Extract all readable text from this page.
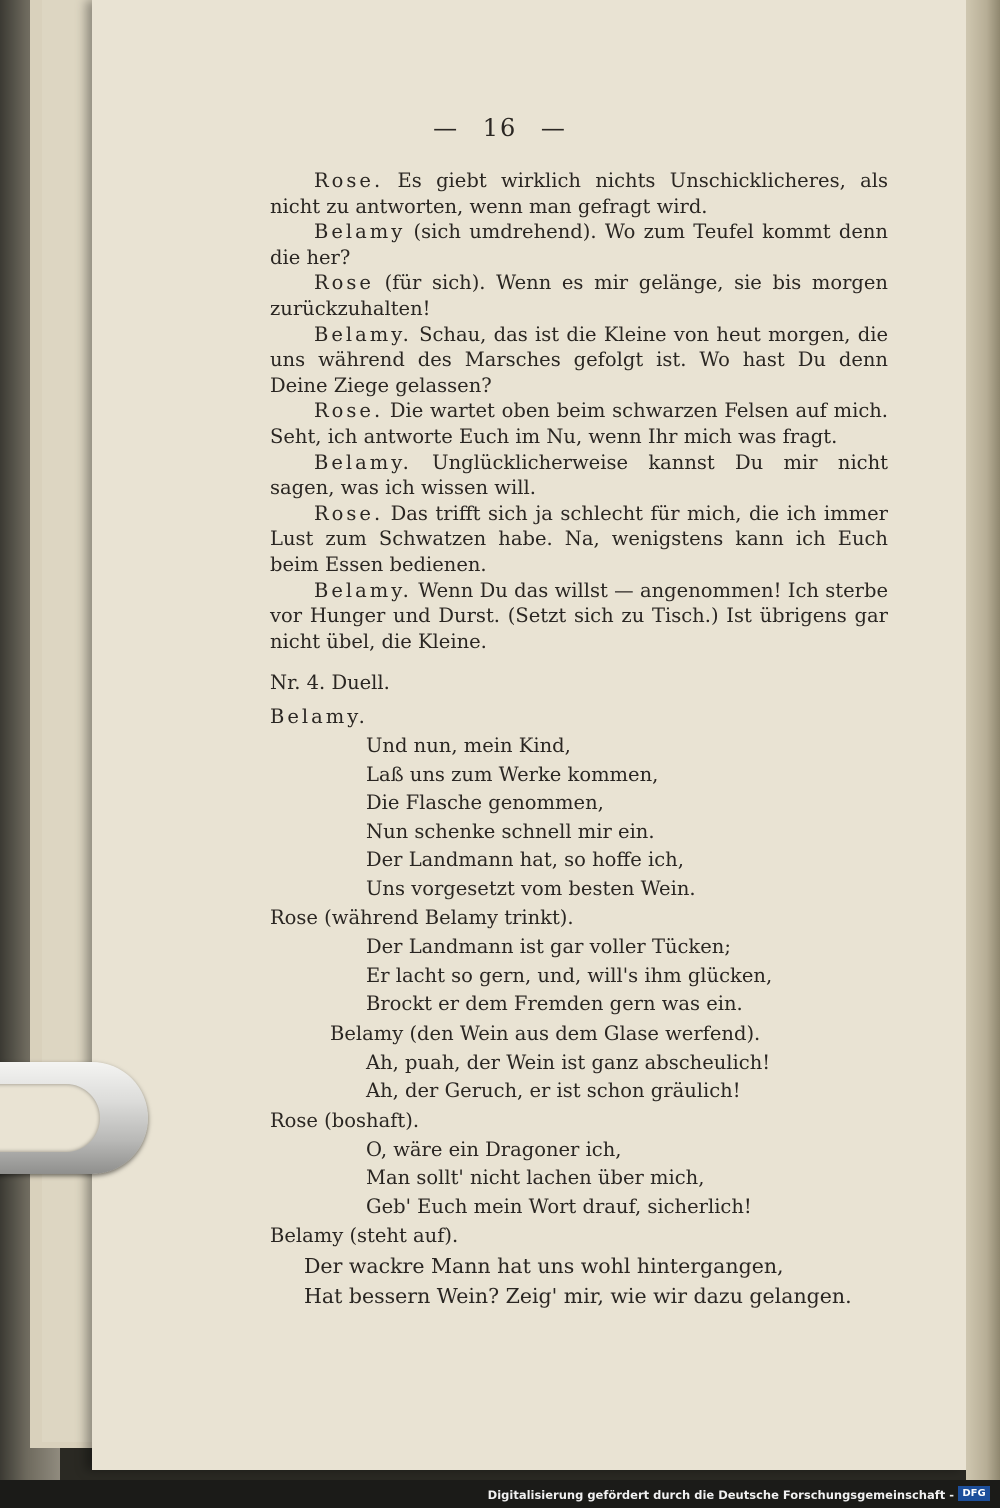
— 16 —

Rose. Es giebt wirklich nichts Unschicklicheres, als nicht zu antworten, wenn man gefragt wird.

Belamy (sich umdrehend). Wo zum Teufel kommt denn die her?

Rose (für sich). Wenn es mir gelänge, sie bis morgen zurückzuhalten!

Belamy. Schau, das ist die Kleine von heut morgen, die uns während des Marsches gefolgt ist. Wo hast Du denn Deine Ziege gelassen?

Rose. Die wartet oben beim schwarzen Felsen auf mich. Seht, ich antworte Euch im Nu, wenn Ihr mich was fragt.

Belamy. Unglücklicherweise kannst Du mir nicht sagen, was ich wissen will.

Rose. Das trifft sich ja schlecht für mich, die ich immer Lust zum Schwatzen habe. Na, wenigstens kann ich Euch beim Essen bedienen.

Belamy. Wenn Du das willst — angenommen! Ich sterbe vor Hunger und Durst. (Setzt sich zu Tisch.) Ist übrigens gar nicht übel, die Kleine.

Nr. 4. Duell.

Belamy.

Und nun, mein Kind,

Laß uns zum Werke kommen,

Die Flasche genommen,

Nun schenke schnell mir ein.

Der Landmann hat, so hoffe ich,

Uns vorgesetzt vom besten Wein.

Rose (während Belamy trinkt).

Der Landmann ist gar voller Tücken;

Er lacht so gern, und, will's ihm glücken,

Brockt er dem Fremden gern was ein.

Belamy (den Wein aus dem Glase werfend).

Ah, puah, der Wein ist ganz abscheulich!

Ah, der Geruch, er ist schon gräulich!

Rose (boshaft).

O, wäre ein Dragoner ich,

Man sollt' nicht lachen über mich,

Geb' Euch mein Wort drauf, sicherlich!

Belamy (steht auf).

Der wackre Mann hat uns wohl hintergangen,

Hat bessern Wein? Zeig' mir, wie wir dazu gelangen.

Digitalisierung gefördert durch die Deutsche Forschungsgemeinschaft - DFG
